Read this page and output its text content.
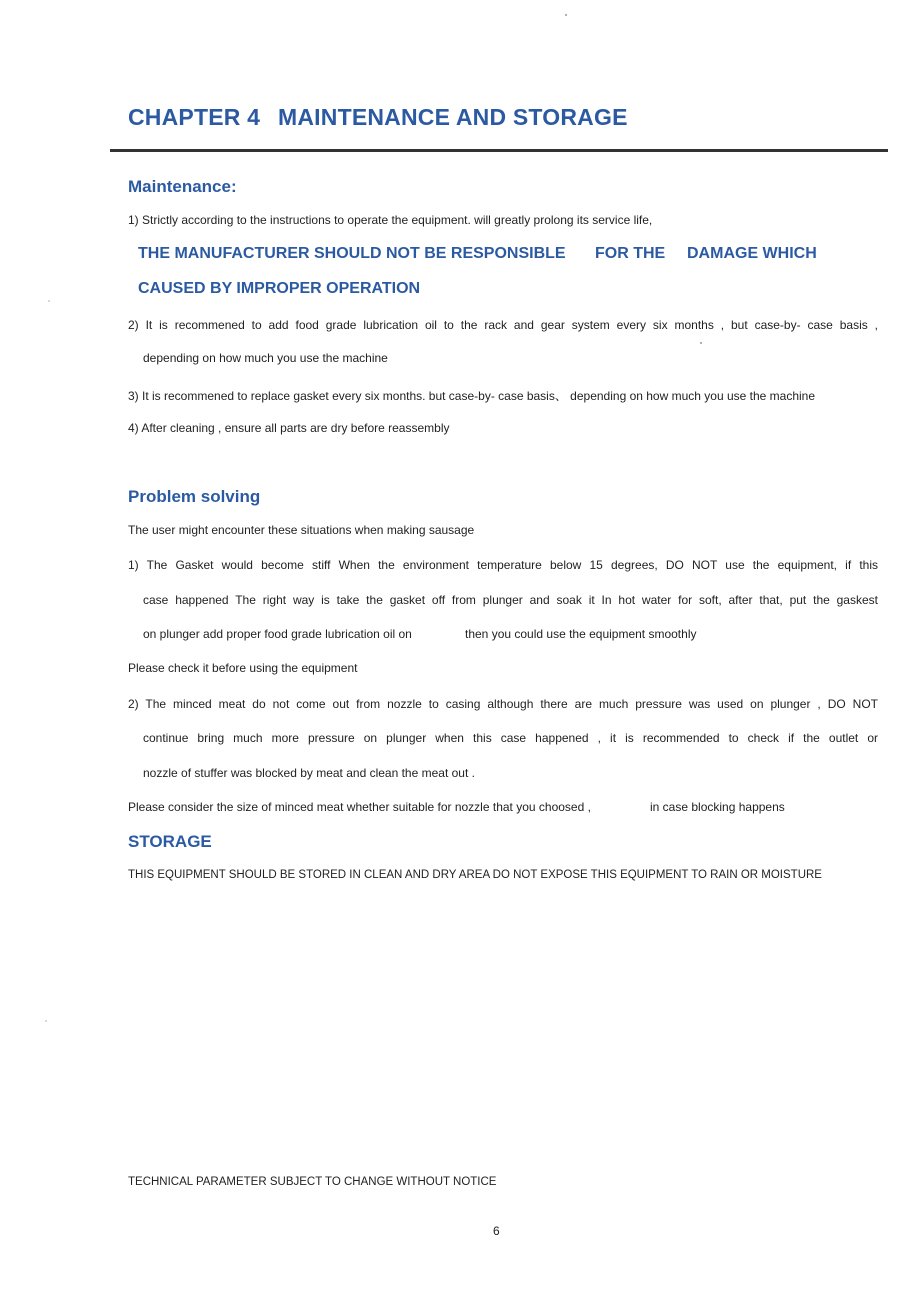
CHAPTER 4 MAINTENANCE AND STORAGE
Maintenance:
1) Strictly according to the instructions to operate the equipment. will greatly prolong its service life,
THE MANUFACTURER SHOULD NOT BE RESPONSIBLE FOR THE DAMAGE WHICH
CAUSED BY IMPROPER OPERATION
2) It is recommened to add food grade lubrication oil to the rack and gear system every six months , but case-by- case basis ,
depending on how much you use the machine
3) It is recommened to replace gasket every six months. but case-by- case basis、 depending on how much you use the machine
4) After cleaning , ensure all parts are dry before reassembly
Problem solving
The user might encounter these situations when making sausage
1) The Gasket would become stiff When the environment temperature below 15 degrees, DO NOT use the equipment, if this
case happened The right way is take the gasket off from plunger and soak it In hot water for soft, after that, put the gaskest
on plunger add proper food grade lubrication oil on	then you could use the equipment smoothly
Please check it before using the equipment
2) The minced meat do not come out from nozzle to casing although there are much pressure was used on plunger , DO NOT
continue bring much more pressure on plunger when this case happened , it is recommended to check if the outlet or
nozzle of stuffer was blocked by meat and clean the meat out .
Please consider the size of minced meat whether suitable for nozzle that you choosed ,	in case blocking happens
STORAGE
THIS EQUIPMENT SHOULD BE STORED IN CLEAN AND DRY AREA DO NOT EXPOSE THIS EQUIPMENT TO RAIN OR MOISTURE
TECHNICAL PARAMETER SUBJECT TO CHANGE WITHOUT NOTICE
6
